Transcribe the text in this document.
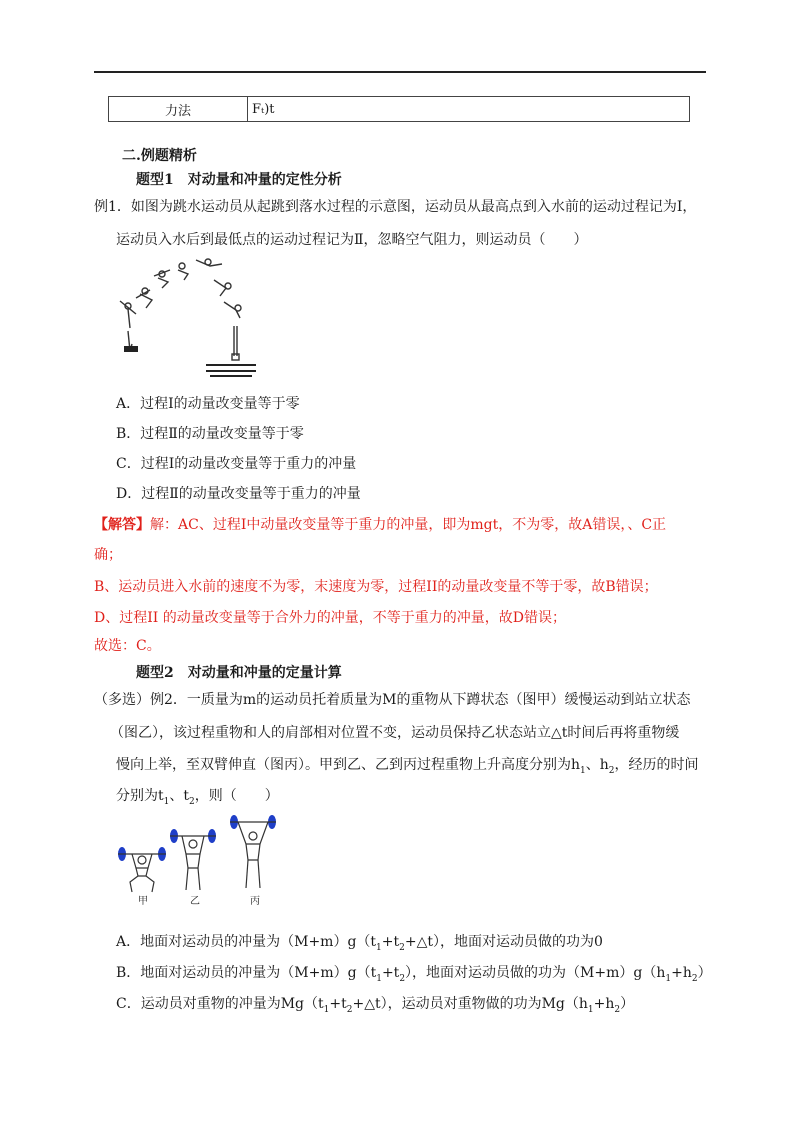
力法	Fₜ)t
二.例题精析
题型1　对动量和冲量的定性分析
例1．如图为跳水运动员从起跳到落水过程的示意图，运动员从最高点到入水前的运动过程记为Ⅰ，
运动员入水后到最低点的运动过程记为Ⅱ，忽略空气阻力，则运动员（　　）
A．过程Ⅰ的动量改变量等于零
B．过程Ⅱ的动量改变量等于零
C．过程Ⅰ的动量改变量等于重力的冲量
D．过程Ⅱ的动量改变量等于重力的冲量
【解答】解：AC、过程Ⅰ中动量改变量等于重力的冲量，即为mgt，不为零，故A错误，、C正
确；
B、运动员进入水前的速度不为零，末速度为零，过程II的动量改变量不等于零，故B错误；
D、过程II 的动量改变量等于合外力的冲量，不等于重力的冲量，故D错误；
故选：C。
题型2　对动量和冲量的定量计算
（多选）例2．一质量为m的运动员托着质量为M的重物从下蹲状态（图甲）缓慢运动到站立状态
（图乙），该过程重物和人的肩部相对位置不变，运动员保持乙状态站立△t时间后再将重物缓
慢向上举，至双臂伸直（图丙）。甲到乙、乙到丙过程重物上升高度分别为$h_1$、$h_2$，经历的时间
分别为$t_1$、$t_2$，则（　　）
甲	乙	丙
A．地面对运动员的冲量为$(M+m)g(t_1+t_2+\triangle t)$，地面对运动员做的功为0
B．地面对运动员的冲量为$(M+m)g(t_1+t_2)$，地面对运动员做的功为$(M+m)g(h_1+h_2)$
C．运动员对重物的冲量为$Mg(t_1+t_2+\triangle t)$，运动员对重物做的功为$Mg(h_1+h_2)$
